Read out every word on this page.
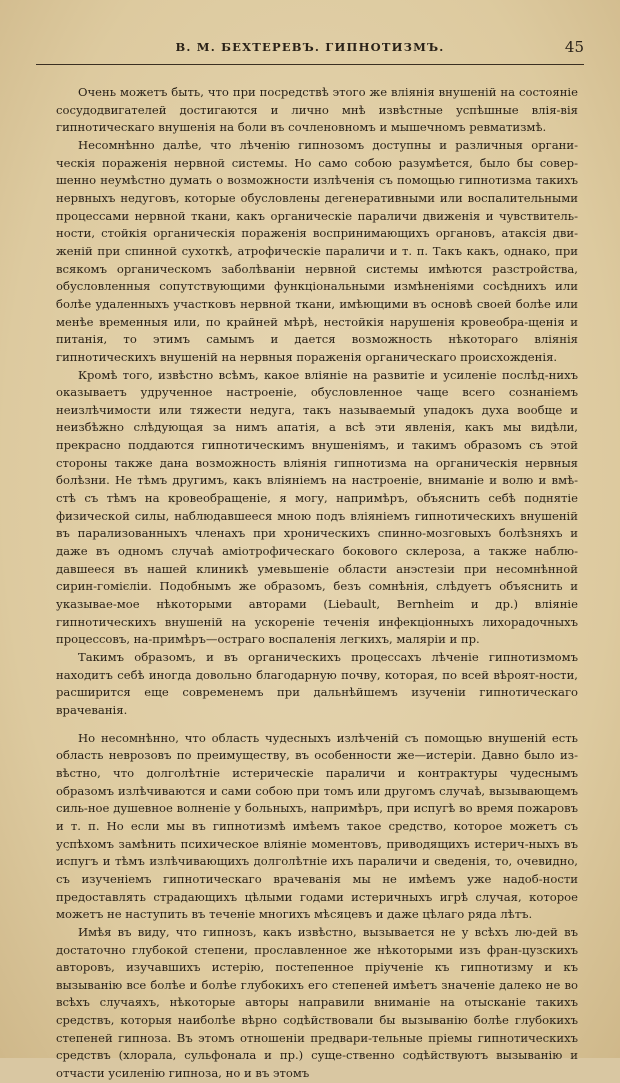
В. М. БЕХТЕРЕВЪ. ГИПНОТИЗМЪ.	45

Очень можетъ быть, что при посредствѣ этого же вліянія внушеній на состояніе сосудодвигателей достигаются и лично мнѣ извѣстные успѣшные влія-вія гипнотическаго внушенія на боли въ сочленовномъ и мышечномъ ревматизмѣ.

Несомнѣнно далѣе, что лѣченію гипнозомъ доступны и различныя органи-ческія пораженія нервной системы. Но само собою разумѣется, было бы совер-шенно неумѣстно думать о возможности излѣченія съ помощью гипнотизма такихъ нервныхъ недуговъ, которые обусловлены дегенеративными или воспалительными процессами нервной ткани, какъ органическіе параличи движенія и чувствитель-ности, стойкія органическія пораженія воспринимающихъ органовъ, атаксія дви-женій при спинной сухоткѣ, атрофическіе параличи и т. п. Такъ какъ, однако, при всякомъ органическомъ заболѣваніи нервной системы имѣются разстройства, обусловленныя сопутствующими функціональными измѣненіями сосѣднихъ или болѣе удаленныхъ участковъ нервной ткани, имѣющими въ основѣ своей болѣе или менѣе временныя или, по крайней мѣрѣ, нестойкія нарушенія кровеобра-щенія и питанія, то этимъ самымъ и дается возможность нѣкотораго вліянія гипнотическихъ внушеній на нервныя пораженія органическаго происхожденія.

Кромѣ того, извѣстно всѣмъ, какое вліяніе на развитіе и усиленіе послѣд-нихъ оказываетъ удрученное настроеніе, обусловленное чаще всего сознаніемъ неизлѣчимости или тяжести недуга, такъ называемый упадокъ духа вообще и неизбѣжно слѣдующая за нимъ апатія, а всѣ эти явленія, какъ мы видѣли, прекрасно поддаются гипнотическимъ внушеніямъ, и такимъ образомъ съ этой стороны также дана возможность вліянія гипнотизма на органическія нервныя болѣзни. Не тѣмъ другимъ, какъ вліяніемъ на настроеніе, вниманіе и волю и вмѣ-стѣ съ тѣмъ на кровеобращеніе, я могу, напримѣръ, объяснить себѣ поднятіе физической силы, наблюдавшееся мною подъ вліяніемъ гипнотическихъ внушеній въ парализованныхъ членахъ при хроническихъ спинно-мозговыхъ болѣзняхъ и даже въ одномъ случаѣ аміотрофическаго бокового склероза, а также наблю-давшееся въ нашей клиникѣ умевьшеніе области анэстезіи при несомнѣнной сирин-гомієліи. Подобнымъ же образомъ, безъ сомнѣнія, слѣдуетъ объяснить и указывае-мое нѣкоторыми авторами (Liebault, Bernheim и др.) вліяніе гипнотическихъ внушеній на ускореніе теченія инфекціонныхъ лихорадочныхъ процессовъ, на-примѣръ—остраго воспаленія легкихъ, маляріи и пр.

Такимъ образомъ, и въ органическихъ процессахъ лѣченіе гипнотизмомъ находитъ себѣ иногда довольно благодарную почву, которая, по всей вѣроят-ности, расширится еще современемъ при дальнѣйшемъ изученіи гипнотическаго врачеванія.

Но несомнѣнно, что область чудесныхъ излѣченій съ помощью внушеній есть область неврозовъ по преимуществу, въ особенности же—истеріи. Давно было из-вѣстно, что долголѣтніе истерическіе параличи и контрактуры чудеснымъ образомъ излѣчиваются и сами собою при томъ или другомъ случаѣ, вызывающемъ силь-ное душевное волненіе у больныхъ, напримѣръ, при испугѣ во время пожаровъ и т. п. Но если мы въ гипнотизмѣ имѣемъ такое средство, которое можетъ съ успѣхомъ замѣнить психическое вліяніе моментовъ, приводящихъ истерич-ныхъ въ испугъ и тѣмъ излѣчивающихъ долголѣтніе ихъ параличи и сведенія, то, очевидно, съ изученіемъ гипнотическаго врачеванія мы не имѣемъ уже надоб-ности предоставлять страдающихъ цѣлыми годами истеричныхъ игрѣ случая, которое можетъ не наступить въ теченіе многихъ мѣсяцевъ и даже цѣлаго ряда лѣтъ.

Имѣя въ виду, что гипнозъ, какъ извѣстно, вызывается не у всѣхъ лю-дей въ достаточно глубокой степени, прославленное же нѣкоторыми изъ фран-цузскихъ авторовъ, изучавшихъ истерію, постепенное пріученіе къ гипнотизму и къ вызыванію все болѣе и болѣе глубокихъ его степеней имѣетъ значеніе далеко не во всѣхъ случаяхъ, нѣкоторые авторы направили вниманіе на отысканіе такихъ средствъ, которыя наиболѣе вѣрно содѣйствовали бы вызыванію болѣе глубокихъ степеней гипноза. Въ этомъ отношеніи предвари-тельные пріемы гипнотическихъ средствъ (хлорала, сульфонала и пр.) суще-ственно содѣйствуютъ вызыванію и отчасти усиленію гипноза, но и въ этомъ
